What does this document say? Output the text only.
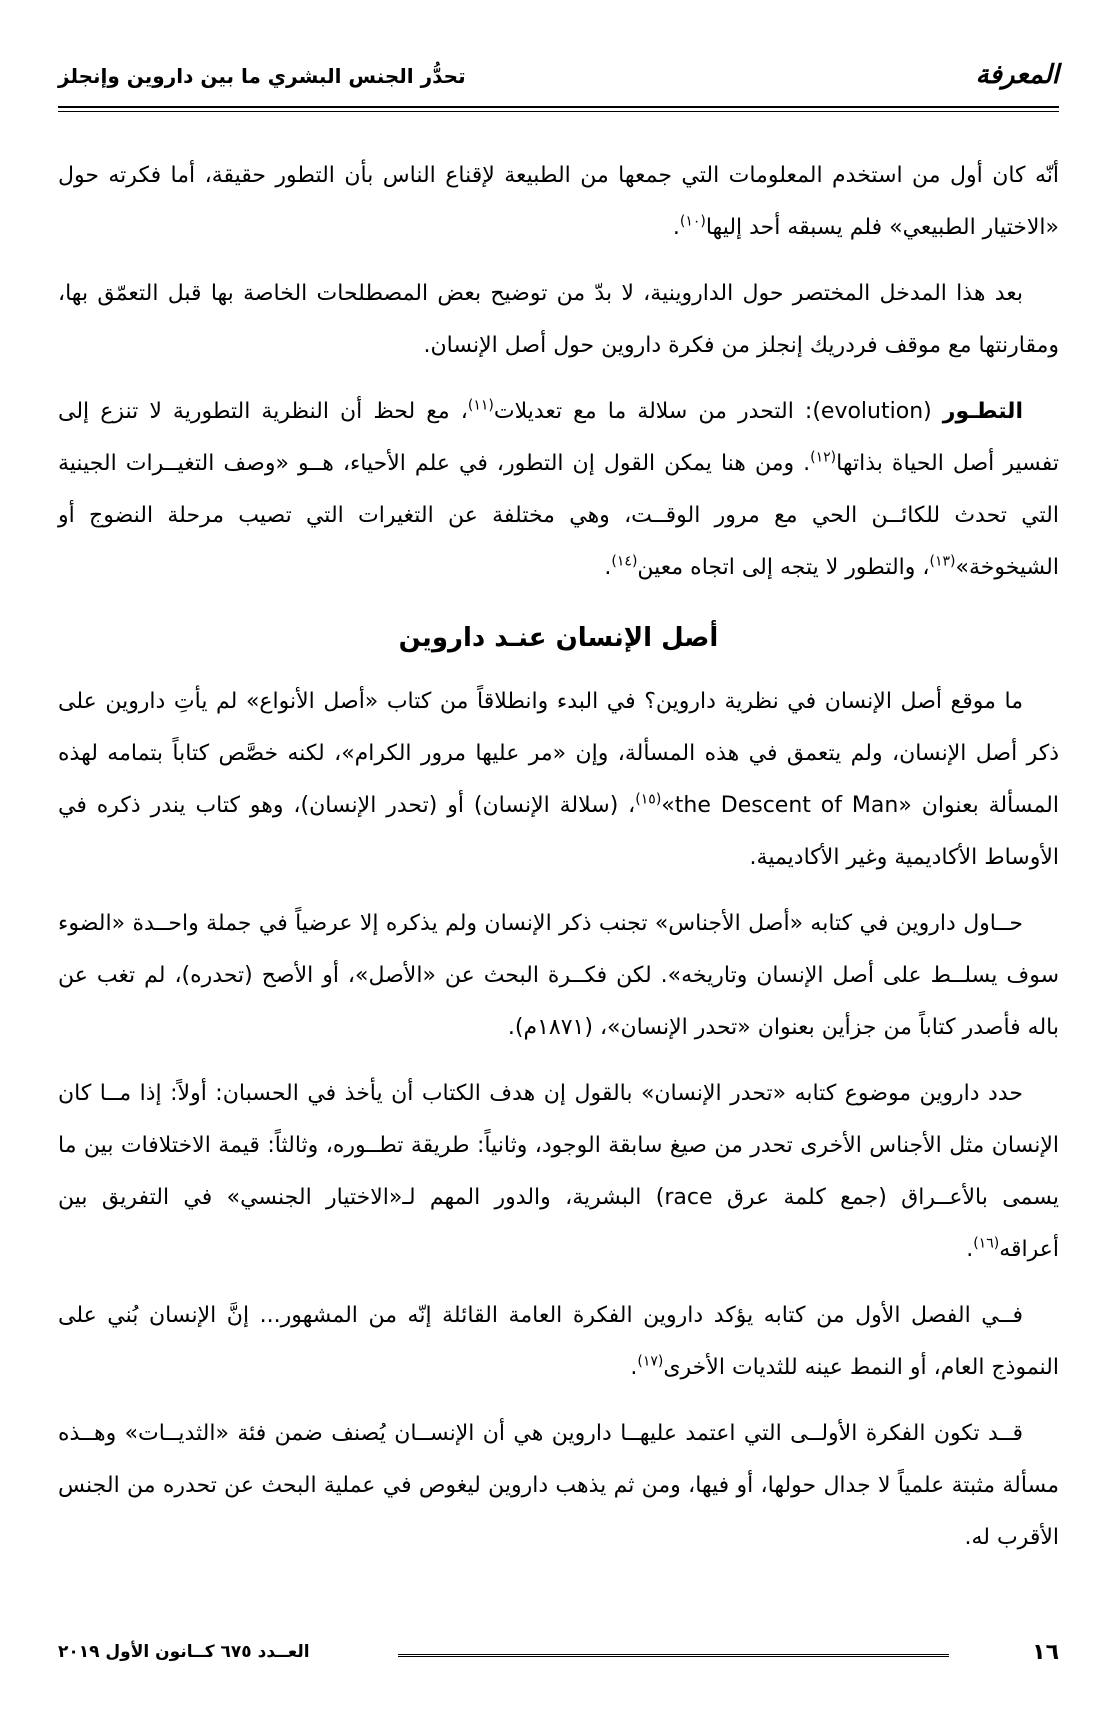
المعرفة
تحدُّر الجنس البشري ما بين داروين وإنجلز

أنّه كان أول من استخدم المعلومات التي جمعها من الطبيعة لإقناع الناس بأن التطور حقيقة، أما فكرته حول «الاختيار الطبيعي» فلم يسبقه أحد إليها$^{(١٠)}$.

بعد هذا المدخل المختصر حول الداروينية، لا بدّ من توضيح بعض المصطلحات الخاصة بها قبل التعمّق بها، ومقارنتها مع موقف فردريك إنجلز من فكرة داروين حول أصل الإنسان.

التطـور (evolution): التحدر من سلالة ما مع تعديلات$^{(١١)}$، مع لحظ أن النظرية التطورية لا تنزع إلى تفسير أصل الحياة بذاتها$^{(١٢)}$. ومن هنا يمكن القول إن التطور، في علم الأحياء، هــو «وصف التغيــرات الجينية التي تحدث للكائــن الحي مع مرور الوقــت، وهي مختلفة عن التغيرات التي تصيب مرحلة النضوج أو الشيخوخة»$^{(١٣)}$، والتطور لا يتجه إلى اتجاه معين$^{(١٤)}$.

أصل الإنسان عنـد داروين

ما موقع أصل الإنسان في نظرية داروين؟ في البدء وانطلاقاً من كتاب «أصل الأنواع» لم يأتِ داروين على ذكر أصل الإنسان، ولم يتعمق في هذه المسألة، وإن «مر عليها مرور الكرام»، لكنه خصَّص كتاباً بتمامه لهذه المسألة بعنوان «the Descent of Man»$^{(١٥)}$، (سلالة الإنسان) أو (تحدر الإنسان)، وهو كتاب يندر ذكره في الأوساط الأكاديمية وغير الأكاديمية.

حــاول داروين في كتابه «أصل الأجناس» تجنب ذكر الإنسان ولم يذكره إلا عرضياً في جملة واحــدة «الضوء سوف يسلــط على أصل الإنسان وتاريخه». لكن فكــرة البحث عن «الأصل»، أو الأصح (تحدره)، لم تغب عن باله فأصدر كتاباً من جزأين بعنوان «تحدر الإنسان»، (١٨٧١م).

حدد داروين موضوع كتابه «تحدر الإنسان» بالقول إن هدف الكتاب أن يأخذ في الحسبان: أولاً: إذا مــا كان الإنسان مثل الأجناس الأخرى تحدر من صيغ سابقة الوجود، وثانياً: طريقة تطــوره، وثالثاً: قيمة الاختلافات بين ما يسمى بالأعــراق (جمع كلمة عرق race) البشرية، والدور المهم لـ«الاختيار الجنسي» في التفريق بين أعراقه$^{(١٦)}$.

فــي الفصل الأول من كتابه يؤكد داروين الفكرة العامة القائلة إنّه من المشهور... إنَّ الإنسان بُني على النموذج العام، أو النمط عينه للثديات الأخرى$^{(١٧)}$.

قــد تكون الفكرة الأولــى التي اعتمد عليهــا داروين هي أن الإنســان يُصنف ضمن فئة «الثديــات» وهــذه مسألة مثبتة علمياً لا جدال حولها، أو فيها، ومن ثم يذهب داروين ليغوص في عملية البحث عن تحدره من الجنس الأقرب له.

١٦
العــدد ٦٧٥ كــانون الأول ٢٠١٩
